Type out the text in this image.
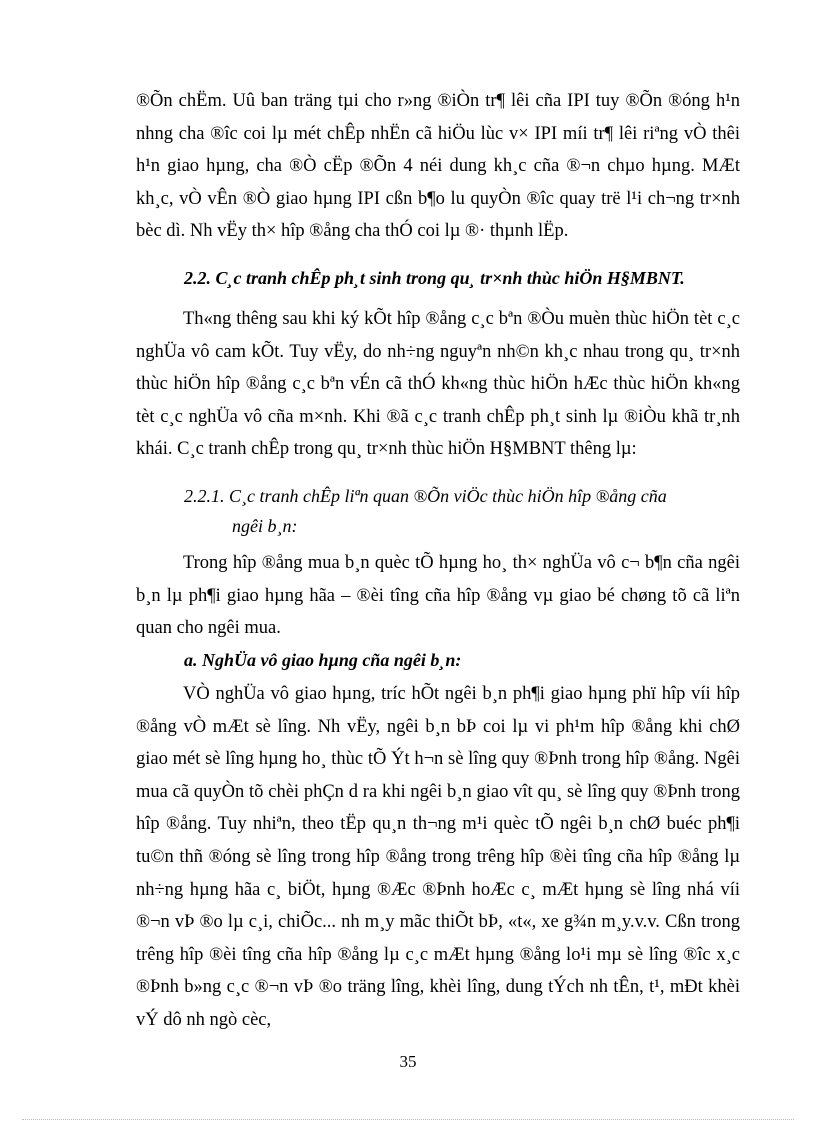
®Õn chËm. Uû ban träng tµi cho r»ng ®iÒn tr¶ lêi cña IPI tuy ®Õn ®óng h¹n nhng cha ®îc coi lµ mét chÊp nhËn cã hiÖu lùc v× IPI míi tr¶ lêi riªng vÒ thêi h¹n giao hµng, cha ®Ò cËp ®Õn 4 néi dung kh¸c cña ®¬n chµo hµng. MÆt kh¸c, vÒ vÊn ®Ò giao hµng IPI cßn b¶o lu quyÒn ®îc quay trë l¹i ch¬ng tr×nh bèc dì. Nh vËy th× hîp ®ång cha thÓ coi lµ ®· thµnh lËp.

2.2. C¸c tranh chÊp ph¸t sinh trong qu¸ tr×nh thùc hiÖn H§MBNT.

Th«ng thêng sau khi ký kÕt hîp ®ång c¸c bªn ®Òu muèn thùc hiÖn tèt c¸c nghÜa vô cam kÕt. Tuy vËy, do nh÷ng nguyªn nh©n kh¸c nhau trong qu¸ tr×nh thùc hiÖn hîp ®ång c¸c bªn vÉn cã thÓ kh«ng thùc hiÖn hÆc thùc hiÖn kh«ng tèt c¸c nghÜa vô cña m×nh. Khi ®ã c¸c tranh chÊp ph¸t sinh lµ ®iÒu khã tr¸nh khái. C¸c tranh chÊp trong qu¸ tr×nh thùc hiÖn H§MBNT thêng lµ:

2.2.1. C¸c tranh chÊp liªn quan ®Õn viÖc thùc hiÖn hîp ®ång cña
ngêi b¸n:

Trong hîp ®ång mua b¸n quèc tÕ hµng ho¸ th× nghÜa vô c¬ b¶n cña ngêi b¸n lµ ph¶i giao hµng hãa – ®èi tîng cña hîp ®ång vµ giao bé chøng tõ cã liªn quan cho ngêi mua.

a. NghÜa vô giao hµng cña ngêi b¸n:

VÒ nghÜa vô giao hµng, tríc hÕt ngêi b¸n ph¶i giao hµng phï hîp víi hîp ®ång vÒ mÆt sè lîng. Nh vËy, ngêi b¸n bÞ coi lµ vi ph¹m hîp ®ång khi chØ giao mét sè lîng hµng ho¸ thùc tÕ Ýt h¬n sè lîng quy ®Þnh trong hîp ®ång. Ngêi mua cã quyÒn tõ chèi phÇn d ra khi ngêi b¸n giao vît qu¸ sè lîng quy ®Þnh trong hîp ®ång. Tuy nhiªn, theo tËp qu¸n th¬ng m¹i quèc tÕ ngêi b¸n chØ buéc ph¶i tu©n thñ ®óng sè lîng trong hîp ®ång trong trêng hîp ®èi tîng cña hîp ®ång lµ nh÷ng hµng hãa c¸ biÖt, hµng ®Æc ®Þnh hoÆc c¸ mÆt hµng sè lîng nhá víi ®¬n vÞ ®o lµ c¸i, chiÕc... nh m¸y mãc thiÕt bÞ, «t«, xe g¾n m¸y.v.v. Cßn trong trêng hîp ®èi tîng cña hîp ®ång lµ c¸c mÆt hµng ®ång lo¹i mµ sè lîng ®îc x¸c ®Þnh b»ng c¸c ®¬n vÞ ®o träng lîng, khèi lîng, dung tÝch nh tÊn, t¹, mÐt khèi vÝ dô nh ngò cèc,

35
